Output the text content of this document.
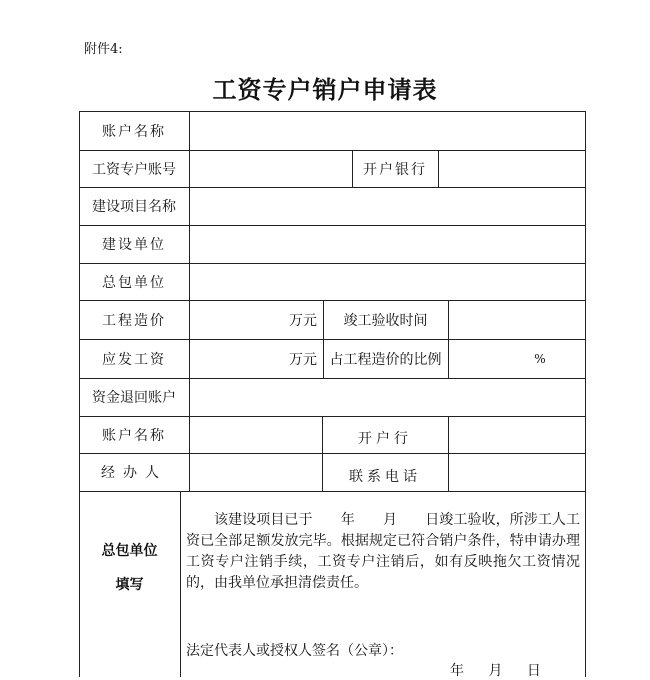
附件4:
工资专户销户申请表
账户名称
工资专户账号	开户银行
建设项目名称
建设单位
总包单位
工程造价	万元	竣工验收时间
应发工资	万元 占工程造价的比例	%
资金退回账户
账户名称	开户行
经办人	联系电话
总包单位
填写
该建设项目已于　　年　　月　　日竣工验收，所涉工人工资已全部足额发放完毕。根据规定已符合销户条件，特申请办理工资专户注销手续，工资专户注销后，如有反映拖欠工资情况的，由我单位承担清偿责任。
法定代表人或授权人签名（公章）：
年 月 日
